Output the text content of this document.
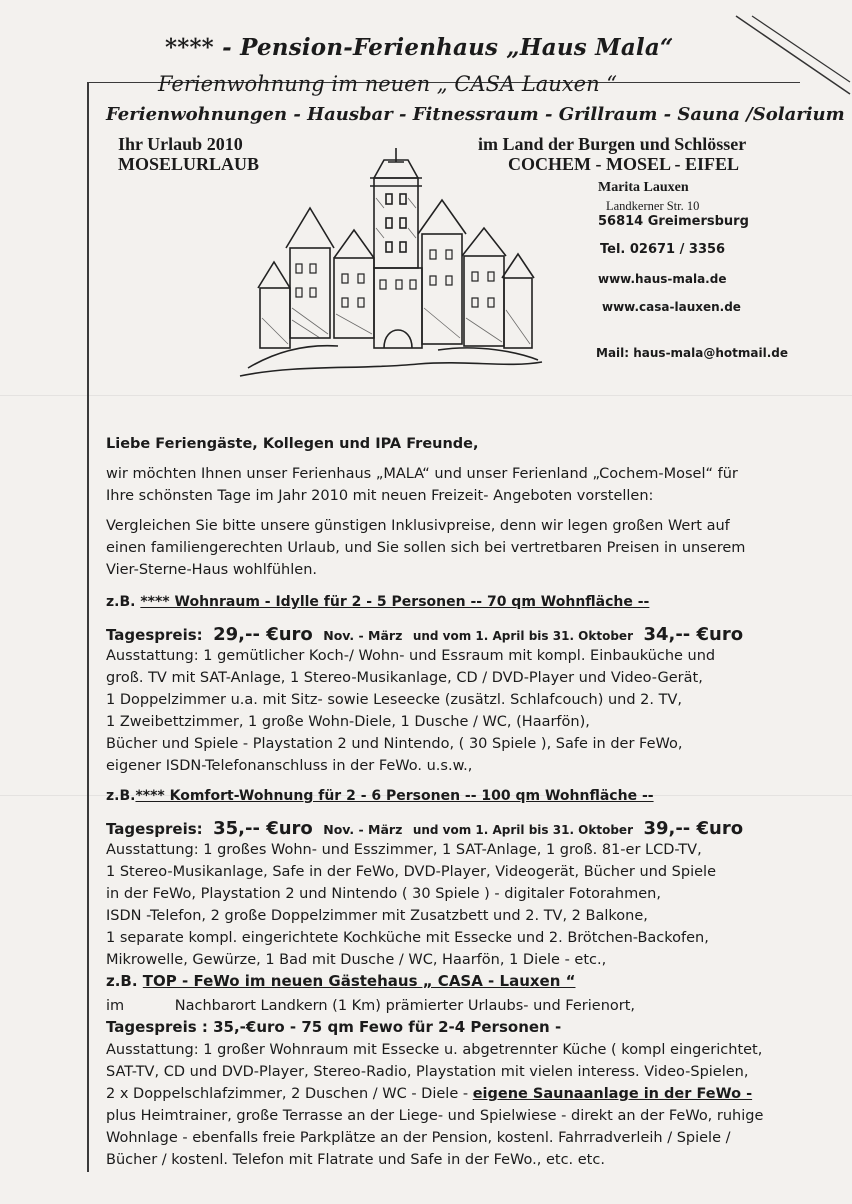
**** - Pension-Ferienhaus „Haus Mala“
Ferienwohnung im neuen „ CASA Lauxen “
Ferienwohnungen - Hausbar - Fitnessraum - Grillraum - Sauna /Solarium
Ihr Urlaub 2010
MOSELURLAUB
im Land der Burgen und Schlösser
COCHEM - MOSEL - EIFEL
Marita Lauxen
Landkerner Str. 10
56814 Greimersburg
Tel. 02671 / 3356
www.haus-mala.de
www.casa-lauxen.de
Mail: haus-mala@hotmail.de
Liebe Feriengäste, Kollegen und IPA Freunde,
wir möchten Ihnen unser Ferienhaus „MALA“ und unser Ferienland „Cochem-Mosel“ für
Ihre schönsten Tage im Jahr 2010 mit neuen Freizeit- Angeboten vorstellen:
Vergleichen Sie bitte unsere günstigen Inklusivpreise, denn wir legen großen Wert auf
einen familiengerechten Urlaub, und Sie sollen sich bei vertretbaren Preisen in unserem
Vier-Sterne-Haus wohlfühlen.
z.B. **** Wohnraum - Idylle für 2 - 5 Personen -- 70 qm Wohnfläche --
Tagespreis: 29,-- €uro Nov. - März und vom 1. April bis 31. Oktober 34,-- €uro
Ausstattung: 1 gemütlicher Koch-/ Wohn- und Essraum mit kompl. Einbauküche und
groß. TV mit SAT-Anlage, 1 Stereo-Musikanlage, CD / DVD-Player und Video-Gerät,
1 Doppelzimmer u.a. mit Sitz- sowie Leseecke (zusätzl. Schlafcouch) und 2. TV,
1 Zweibettzimmer, 1 große Wohn-Diele, 1 Dusche / WC, (Haarfön),
Bücher und Spiele - Playstation 2 und Nintendo, ( 30 Spiele ), Safe in der FeWo,
eigener ISDN-Telefonanschluss in der FeWo. u.s.w.,
z.B.**** Komfort-Wohnung für 2 - 6 Personen -- 100 qm Wohnfläche --
Tagespreis: 35,-- €uro Nov. - März und vom 1. April bis 31. Oktober 39,-- €uro
Ausstattung: 1 großes Wohn- und Esszimmer, 1 SAT-Anlage, 1 groß. 81-er LCD-TV,
1 Stereo-Musikanlage, Safe in der FeWo, DVD-Player, Videogerät, Bücher und Spiele
in der FeWo, Playstation 2 und Nintendo ( 30 Spiele ) - digitaler Fotorahmen,
ISDN -Telefon, 2 große Doppelzimmer mit Zusatzbett und 2. TV, 2 Balkone,
1 separate kompl. eingerichtete Kochküche mit Essecke und 2. Brötchen-Backofen,
Mikrowelle, Gewürze, 1 Bad mit Dusche / WC, Haarfön, 1 Diele - etc.,
z.B. TOP - FeWo im neuen Gästehaus „ CASA - Lauxen “
im	Nachbarort Landkern (1 Km) prämierter Urlaubs- und Ferienort,
Tagespreis : 35,-€uro - 75 qm Fewo für 2-4 Personen -
Ausstattung: 1 großer Wohnraum mit Essecke u. abgetrennter Küche ( kompl eingerichtet,
SAT-TV, CD und DVD-Player, Stereo-Radio, Playstation mit vielen interess. Video-Spielen,
2 x Doppelschlafzimmer, 2 Duschen / WC - Diele - eigene Saunaanlage in der FeWo -
plus Heimtrainer, große Terrasse an der Liege- und Spielwiese - direkt an der FeWo, ruhige
Wohnlage - ebenfalls freie Parkplätze an der Pension, kostenl. Fahrradverleih / Spiele /
Bücher / kostenl. Telefon mit Flatrate und Safe in der FeWo., etc. etc.
